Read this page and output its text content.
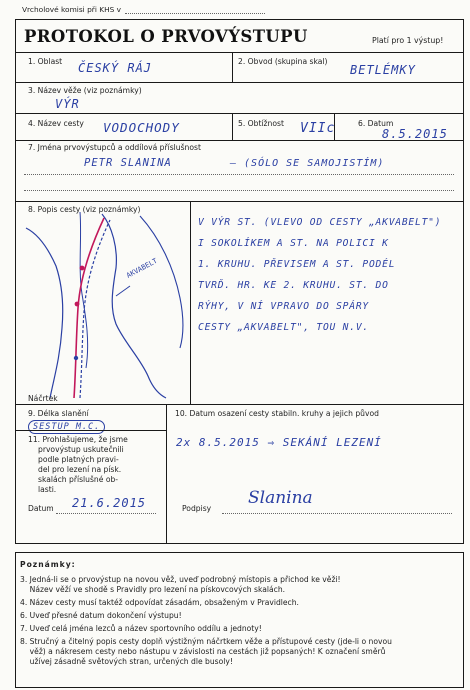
Vrcholové komisi při KHS v
PROTOKOL O PRVOVÝSTUPU	Platí pro 1 výstup!
1. Oblast ČESKÝ RÁJ	2. Obvod (skupina skal)
BETLÉMKY
3. Název věže (viz poznámky)
VÝR
4. Název cesty VODOCHODY	5. Obtížnost VIIc	6. Datum
8.5.2015
7. Jména prvovýstupců a oddílová příslušnost
PETR SLANINA	— (SÓLO SE SAMOJISTÍM)
8. Popis cesty (viz poznámky)
AKVABELT
Náčrtek
V VÝR ST. (VLEVO OD CESTY „AKVABELT")
I SOKOLÍKEM A ST. NA POLICI K
1. KRUHU. PŘEVISEM A ST. PODÉL
TVRĎ. HR. KE 2. KRUHU. ST. DO
RÝHY, V NÍ VPRAVO DO SPÁRY
CESTY „AKVABELT", TOU N.V.
9. Délka slanění
SESTUP M.C.
10. Datum osazení cesty stabiln. kruhy a jejich původ
2x 8.5.2015 ⇒ SEKÁNÍ LEZENÍ
11. Prohlašujeme, že jsme
prvovýstup uskutečnili
podle platných pravi-
del pro lezení na písk.
skalách příslušné ob-
lasti.
Datum 21.6.2015	Podpisy
Slanina
Poznámky:
3. Jedná-li se o prvovýstup na novou věž, uveď podrobný místopis a přichod ke věži!
Název věží ve shodě s Pravidly pro lezení na pískovcových skalách.
4. Název cesty musí taktéž odpovídat zásadám, obsaženým v Pravidlech.
6. Uveď přesné datum dokončení výstupu!
7. Uveď celá jména lezců a název sportovního oddílu a jednoty!
8. Stručný a čitelný popis cesty doplň výstižným náčrtkem věže a přístupové cesty (jde-li o novou
věž) a nákresem cesty nebo nástupu v závislosti na cestách již popsaných! K označení směrů
užívej zásadně světových stran, určených dle busoly!
